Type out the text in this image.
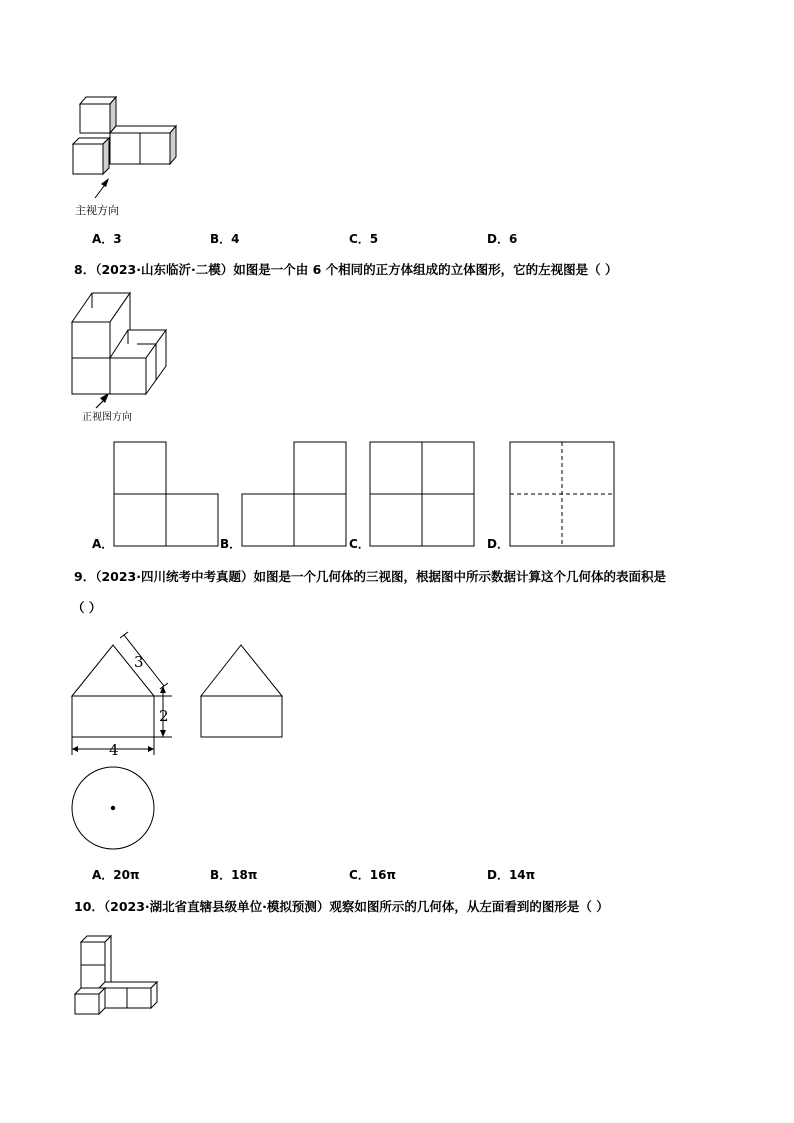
主视方向
A．3	B．4	C．5	D．6
8．（2023·山东临沂·二模）如图是一个由 6 个相同的正方体组成的立体图形，它的左视图是（ ）
正视图方向
A．	B．	C．	D．
9．（2023·四川统考中考真题）如图是一个几何体的三视图，根据图中所示数据计算这个几何体的表面积是
（ ）
3
2
4
A．20π	B．18π	C．16π	D．14π
10．（2023·湖北省直辖县级单位·模拟预测）观察如图所示的几何体，从左面看到的图形是（ ）
